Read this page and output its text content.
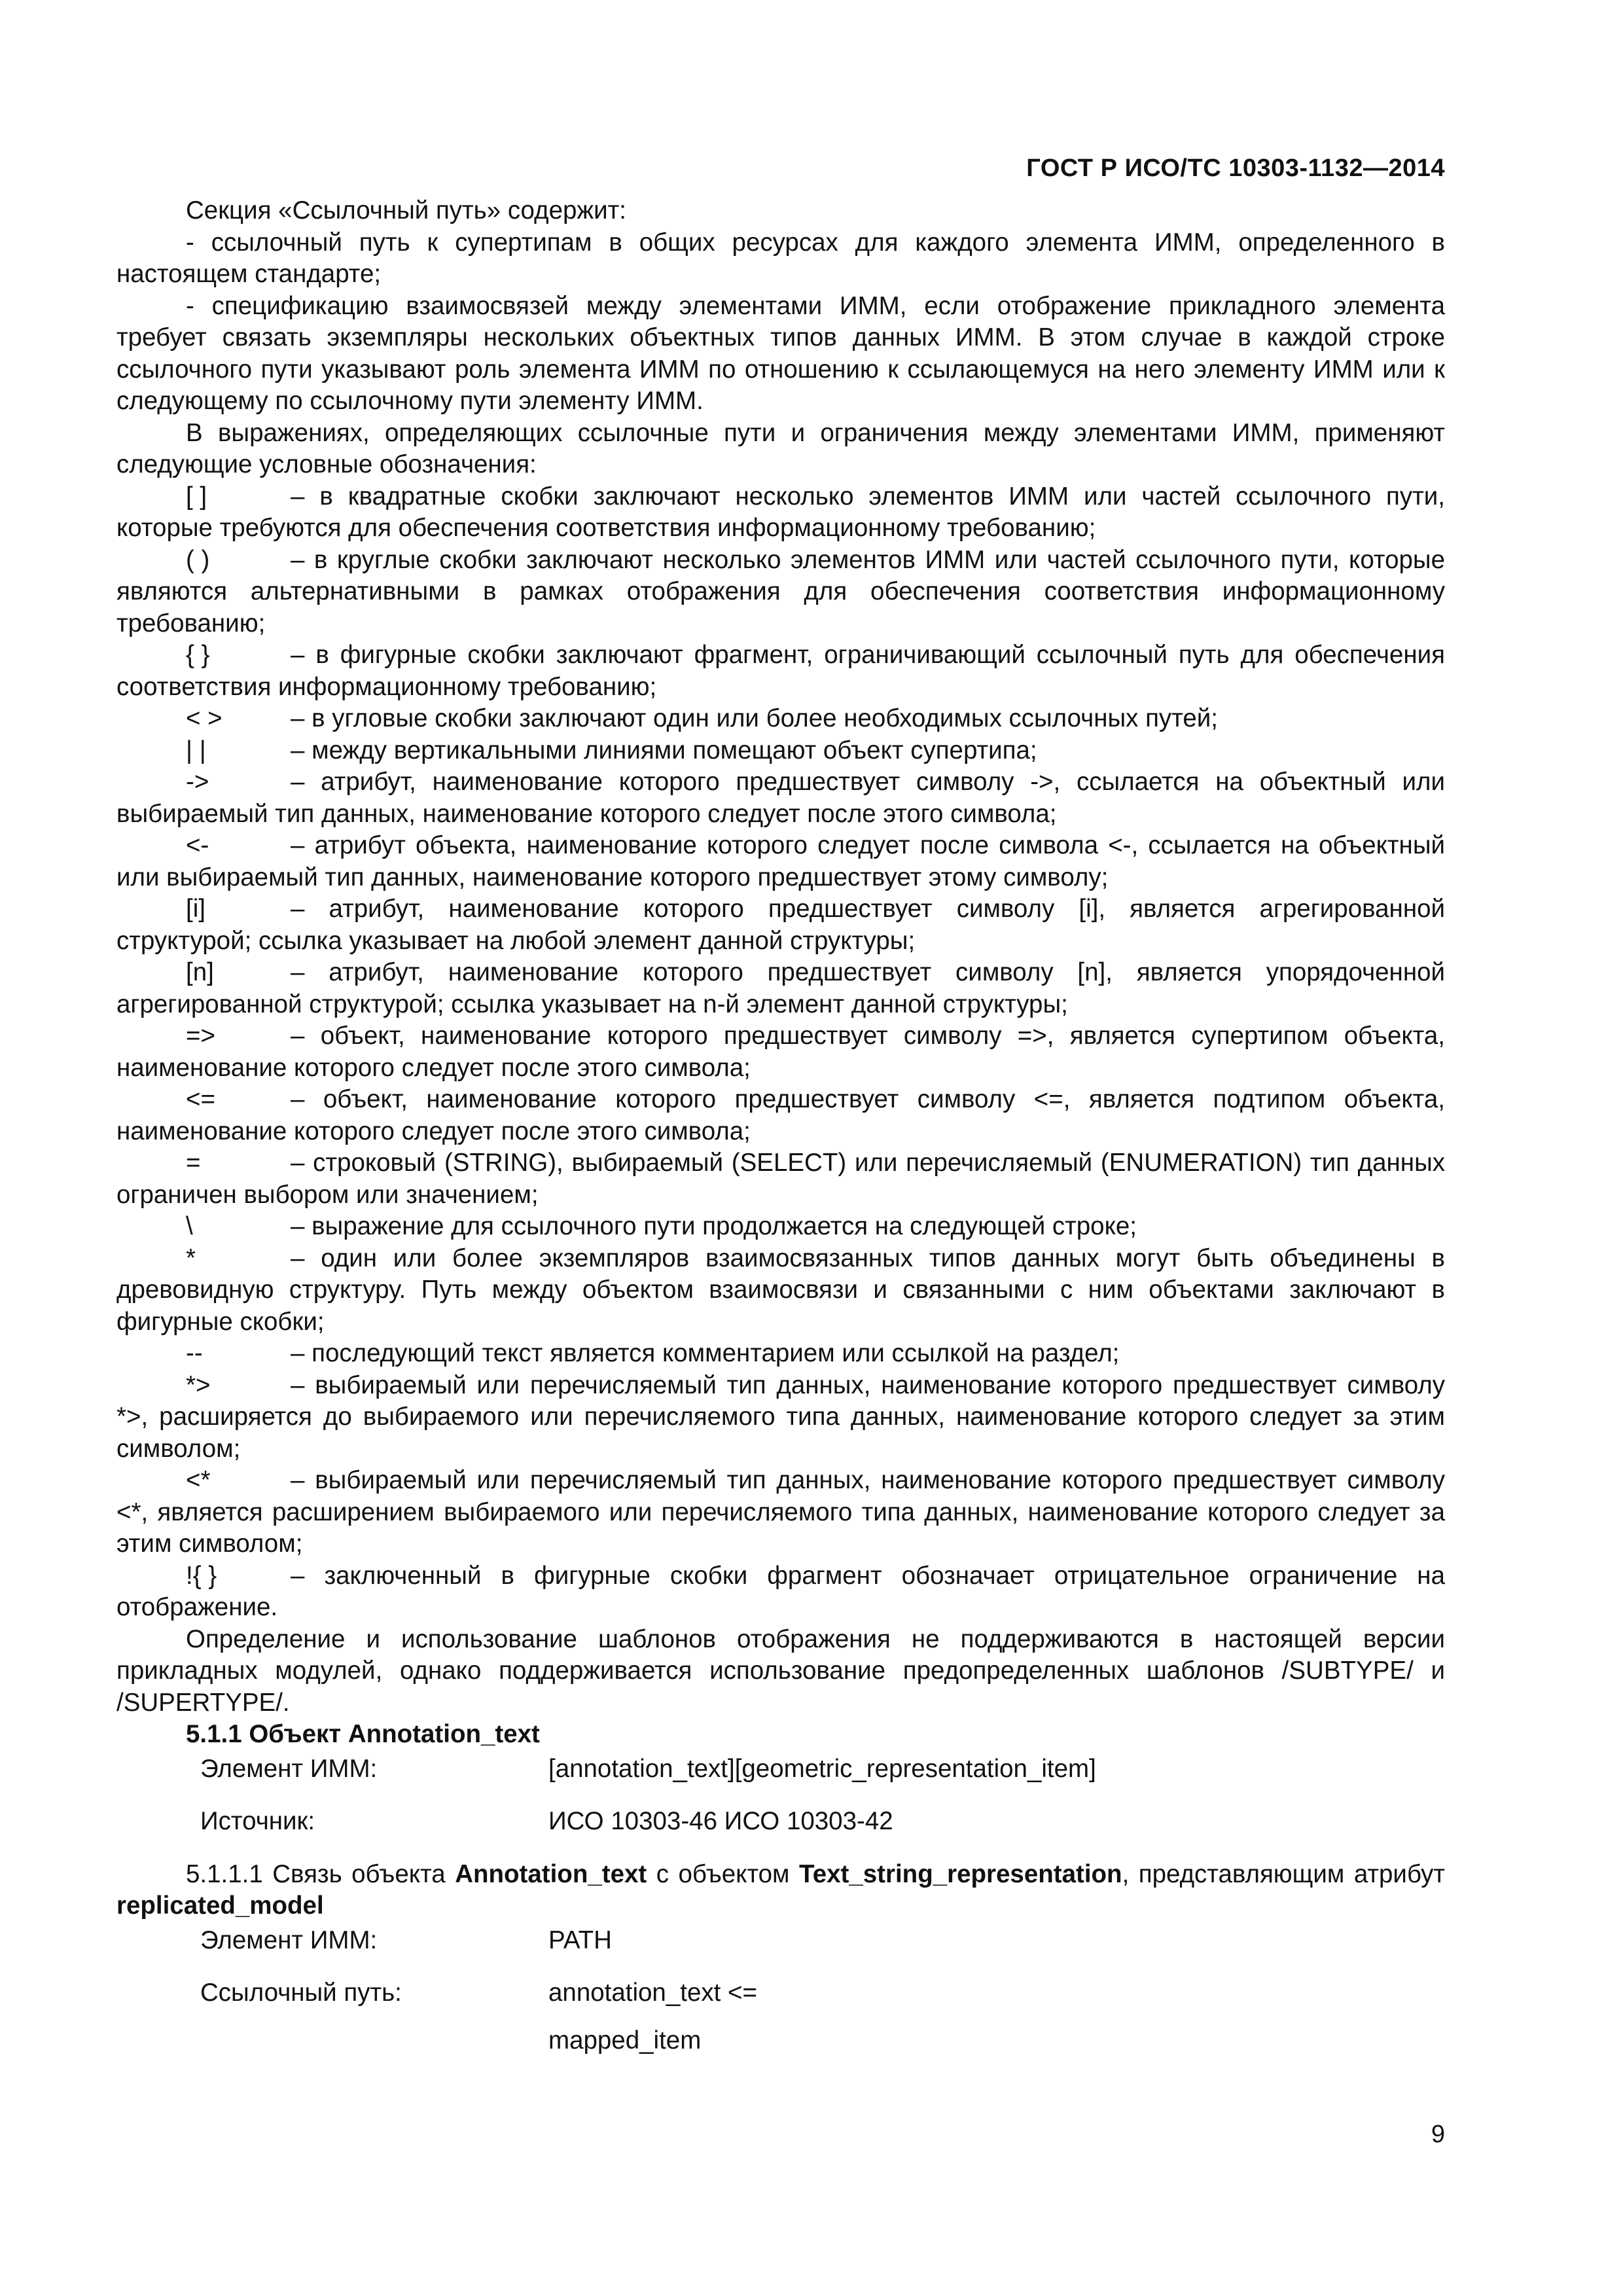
ГОСТ Р ИСО/ТС 10303-1132—2014

Секция «Ссылочный путь» содержит:

- ссылочный путь к супертипам в общих ресурсах для каждого элемента ИММ, определенного в настоящем стандарте;

- спецификацию взаимосвязей между элементами ИММ, если отображение прикладного элемента требует связать экземпляры нескольких объектных типов данных ИММ. В этом случае в каждой строке ссылочного пути указывают роль элемента ИММ по отношению к ссылающемуся на него элементу ИММ или к следующему по ссылочному пути элементу ИММ.

В выражениях, определяющих ссылочные пути и ограничения между элементами ИММ, применяют следующие условные обозначения:

[ ]	– в квадратные скобки заключают несколько элементов ИММ или частей ссылочного пути, которые требуются для обеспечения соответствия информационному требованию;

( )	– в круглые скобки заключают несколько элементов ИММ или частей ссылочного пути, которые являются альтернативными в рамках отображения для обеспечения соответствия информационному требованию;

{ }	– в фигурные скобки заключают фрагмент, ограничивающий ссылочный путь для обеспечения соответствия информационному требованию;

< >	– в угловые скобки заключают один или более необходимых ссылочных путей;

| |	– между вертикальными линиями помещают объект супертипа;

->	– атрибут, наименование которого предшествует символу ->, ссылается на объектный или выбираемый тип данных, наименование которого следует после этого символа;

<-	– атрибут объекта, наименование которого следует после символа <-, ссылается на объектный или выбираемый тип данных, наименование которого предшествует этому символу;

[i]	– атрибут, наименование которого предшествует символу [i], является агрегированной структурой; ссылка указывает на любой элемент данной структуры;

[n]	– атрибут, наименование которого предшествует символу [n], является упорядоченной агрегированной структурой; ссылка указывает на n-й элемент данной структуры;

=>	– объект, наименование которого предшествует символу =>, является супертипом объекта, наименование которого следует после этого символа;

<=	– объект, наименование которого предшествует символу <=, является подтипом объекта, наименование которого следует после этого символа;

=	– строковый (STRING), выбираемый (SELECT) или перечисляемый (ENUMERATION) тип данных ограничен выбором или значением;

\	– выражение для ссылочного пути продолжается на следующей строке;

*	– один или более экземпляров взаимосвязанных типов данных могут быть объединены в древовидную структуру. Путь между объектом взаимосвязи и связанными с ним объектами заключают в фигурные скобки;

--	– последующий текст является комментарием или ссылкой на раздел;

*>	– выбираемый или перечисляемый тип данных, наименование которого предшествует символу *>, расширяется до выбираемого или перечисляемого типа данных, наименование которого следует за этим символом;

<*	– выбираемый или перечисляемый тип данных, наименование которого предшествует символу <*, является расширением выбираемого или перечисляемого типа данных, наименование которого следует за этим символом;

!{ }	– заключенный в фигурные скобки фрагмент обозначает отрицательное ограничение на отображение.

Определение и использование шаблонов отображения не поддерживаются в настоящей версии прикладных модулей, однако поддерживается использование предопределенных шаблонов /SUBTYPE/ и /SUPERTYPE/.

5.1.1 Объект Annotation_text

Элемент ИММ:	[annotation_text][geometric_representation_item]
Источник:	ИСО 10303-46 ИСО 10303-42

5.1.1.1 Связь объекта Annotation_text с объектом Text_string_representation, представляющим атрибут replicated_model

Элемент ИММ:	PATH
Ссылочный путь:	annotation_text <=
mapped_item
9
